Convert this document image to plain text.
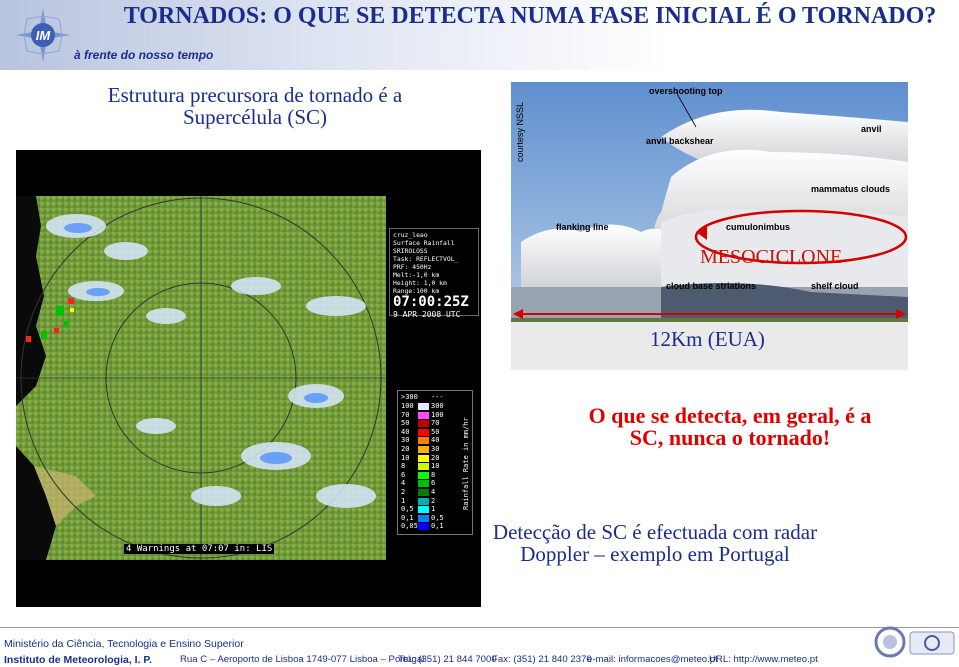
IM
à frente do nosso tempo
TORNADOS: O QUE SE DETECTA NUMA FASE INICIAL É O TORNADO?
Estrutura precursora de tornado é a Supercélula (SC)
cruz_leao
Surface Rainfall
SRIROLOSS
Task: REFLECTVOL_
PRF: 450Hz
Melt:-1,0 km
Height: 1,0 km
Range:100 km
07:00:25Z
9 APR 2008 UTC
>300 ---
100 300
70	100
50	70
40	50
30	40
20	30
10	20
8	10
6	8
4	6
2	4
1	2
0,5 1
0,1 0,5
0,05 0,1
Rainfall Rate in mm/hr
4 Warnings at 07:07 in: LIS
overshooting top
courtesy NSSL	anvil
anvil backshear
mammatus clouds
flanking line	cumulonimbus
cloud base striations	shelf cloud
MESOCICLONE
12Km (EUA)
O que se detecta, em geral, é a SC, nunca o tornado!
Detecção de SC é efectuada com radar Doppler – exemplo em Portugal
Ministério da Ciência, Tecnologia e Ensino Superior
Instituto de Meteorologia, I. P.	Rua C – Aeroporto de Lisboa 1749-077 Lisboa – Portugal
Tel.: (351) 21 844 7000
Fax: (351) 21 840 2370
e-mail: informacoes@meteo.pt
URL: http://www.meteo.pt
